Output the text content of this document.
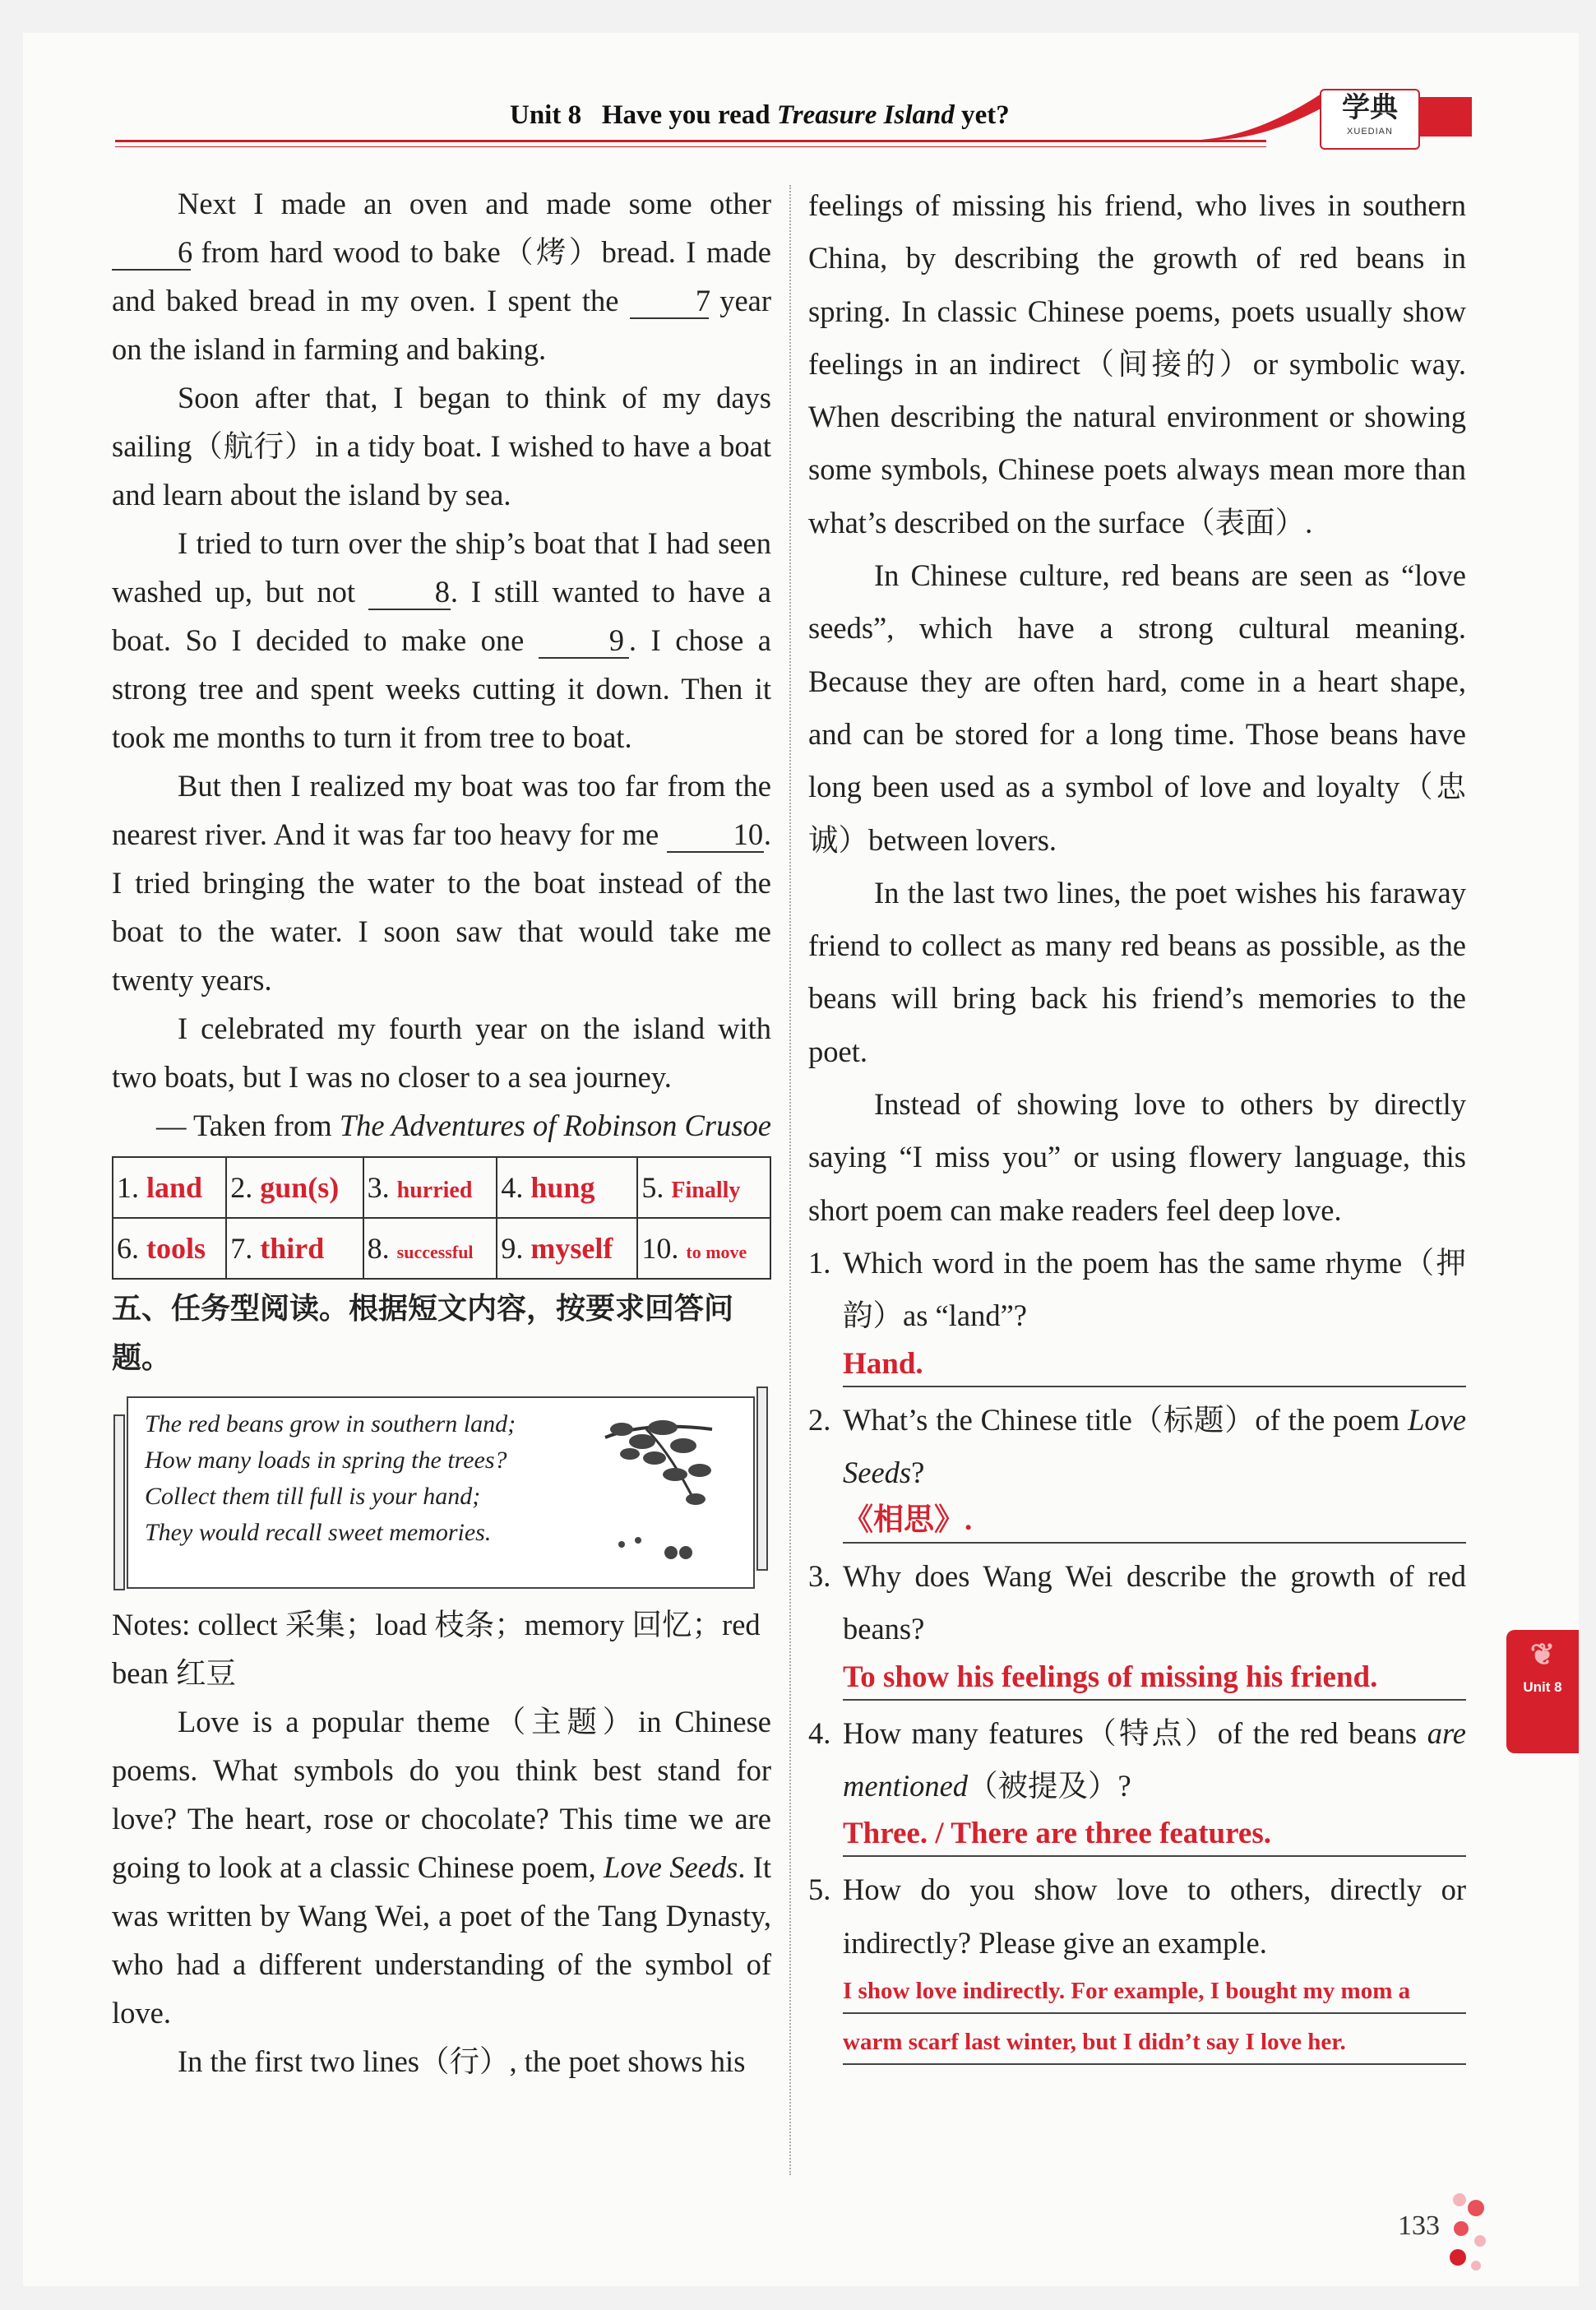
Unit 8 Have you read Treasure Island yet?	学典
XUEDIAN

Next I made an oven and made some other 6 from hard wood to bake（烤）bread. I made and baked bread in my oven. I spent the	7 year on the island in farming and baking.

Soon after that, I began to think of my days sailing（航行）in a tidy boat. I wished to have a boat and learn about the island by sea.

I tried to turn over the ship’s boat that I had seen washed up, but not	8. I still wanted to have a boat. So I decided to make one	9 . I chose a strong tree and spent weeks cutting it down. Then it took me months to turn it from tree to boat.

But then I realized my boat was too far from the nearest river. And it was far too heavy for me 10. I tried bringing the water to the boat instead of the boat to the water. I soon saw that would take me twenty years.

I celebrated my fourth year on the island with two boats, but I was no closer to a sea journey.

— Taken from The Adventures of Robinson Crusoe

1. land	2. gun(s)	3. hurried	4. hung	5. Finally
6. tools	7. third	8. successful	9. myself	10. to move
五、任务型阅读。根据短文内容，按要求回答问题。
The red beans grow in southern land;
How many loads in spring the trees?
Collect them till full is your hand;
They would recall sweet memories.

Notes: collect 采集；load 枝条；memory 回忆；red bean 红豆

Love is a popular theme（主题）in Chinese poems. What symbols do you think best stand for love? The heart, rose or chocolate? This time we are going to look at a classic Chinese poem, Love Seeds. It was written by Wang Wei, a poet of the Tang Dynasty, who had a different understanding of the symbol of love.

In the first two lines（行）, the poet shows his

feelings of missing his friend, who lives in southern China, by describing the growth of red beans in spring. In classic Chinese poems, poets usually show feelings in an indirect（间接的）or symbolic way. When describing the natural environment or showing some symbols, Chinese poets always mean more than what’s described on the surface（表面）.

In Chinese culture, red beans are seen as “love seeds”, which have a strong cultural meaning. Because they are often hard, come in a heart shape, and can be stored for a long time. Those beans have long been used as a symbol of love and loyalty（忠诚）between lovers.

In the last two lines, the poet wishes his faraway friend to collect as many red beans as possible, as the beans will bring back his friend’s memories to the poet.

Instead of showing love to others by directly saying “I miss you” or using flowery language, this short poem can make readers feel deep love.

1. Which word in the poem has the same rhyme（押韵）as “land”?
Hand.
2. What’s the Chinese title（标题）of the poem Love Seeds?
《相思》.
3. Why does Wang Wei describe the growth of red beans?
To show his feelings of missing his friend.
4. How many features（特点）of the red beans are mentioned（被提及）?
Three. / There are three features.
5. How do you show love to others, directly or indirectly? Please give an example.
I show love indirectly. For example, I bought my mom a
warm scarf last winter, but I didn’t say I love her.
❦
Unit 8
133
